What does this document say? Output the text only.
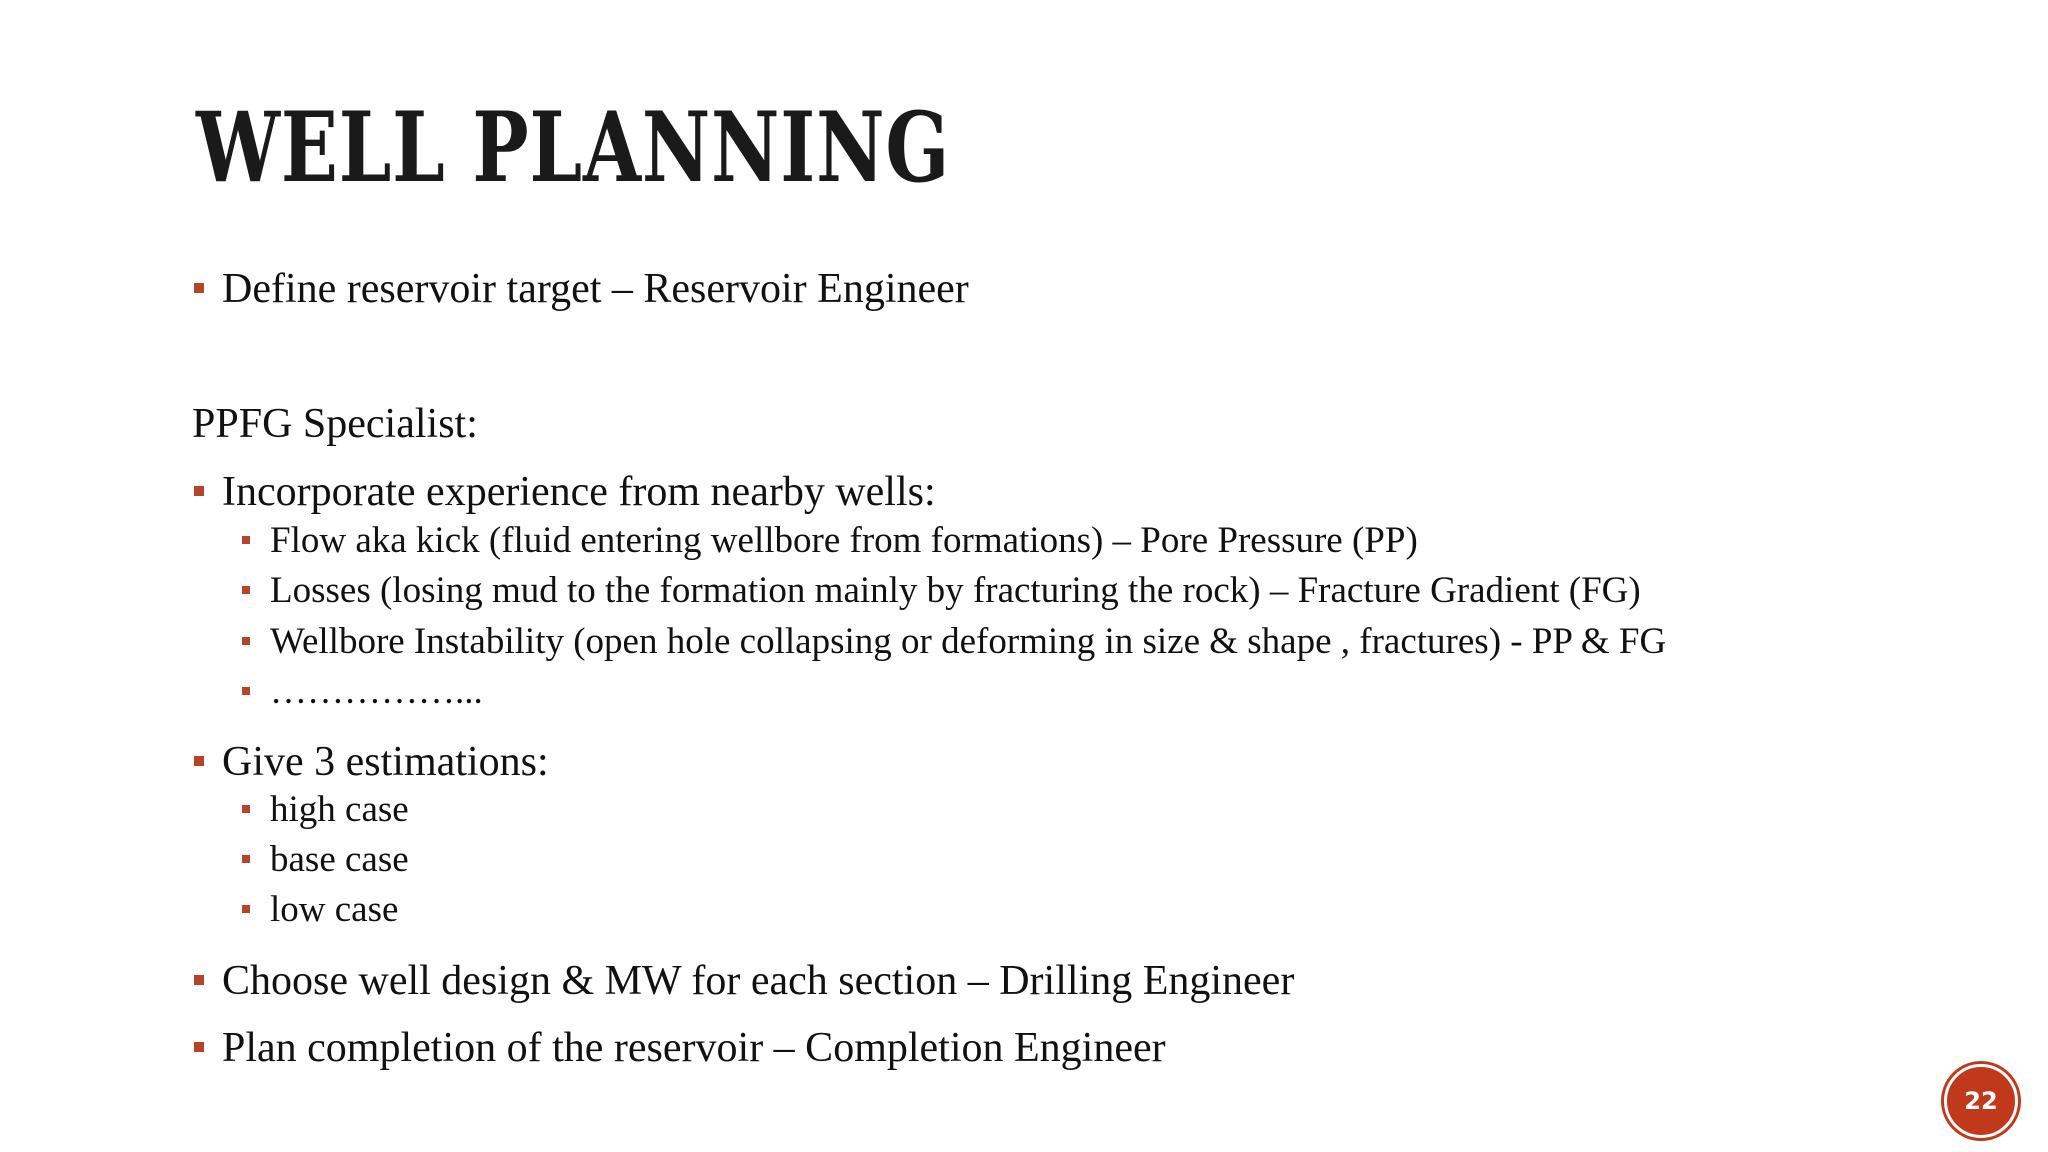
WELL PLANNING
Define reservoir target – Reservoir Engineer
PPFG Specialist:
Incorporate experience from nearby wells:
Flow aka kick (fluid entering wellbore from formations) – Pore Pressure (PP)
Losses (losing mud to the formation mainly by fracturing the rock) – Fracture Gradient (FG)
Wellbore Instability (open hole collapsing or deforming in size & shape , fractures) - PP & FG
……………...
Give 3 estimations:
high case
base case
low case
Choose well design & MW for each section – Drilling Engineer
Plan completion of the reservoir – Completion Engineer
22
